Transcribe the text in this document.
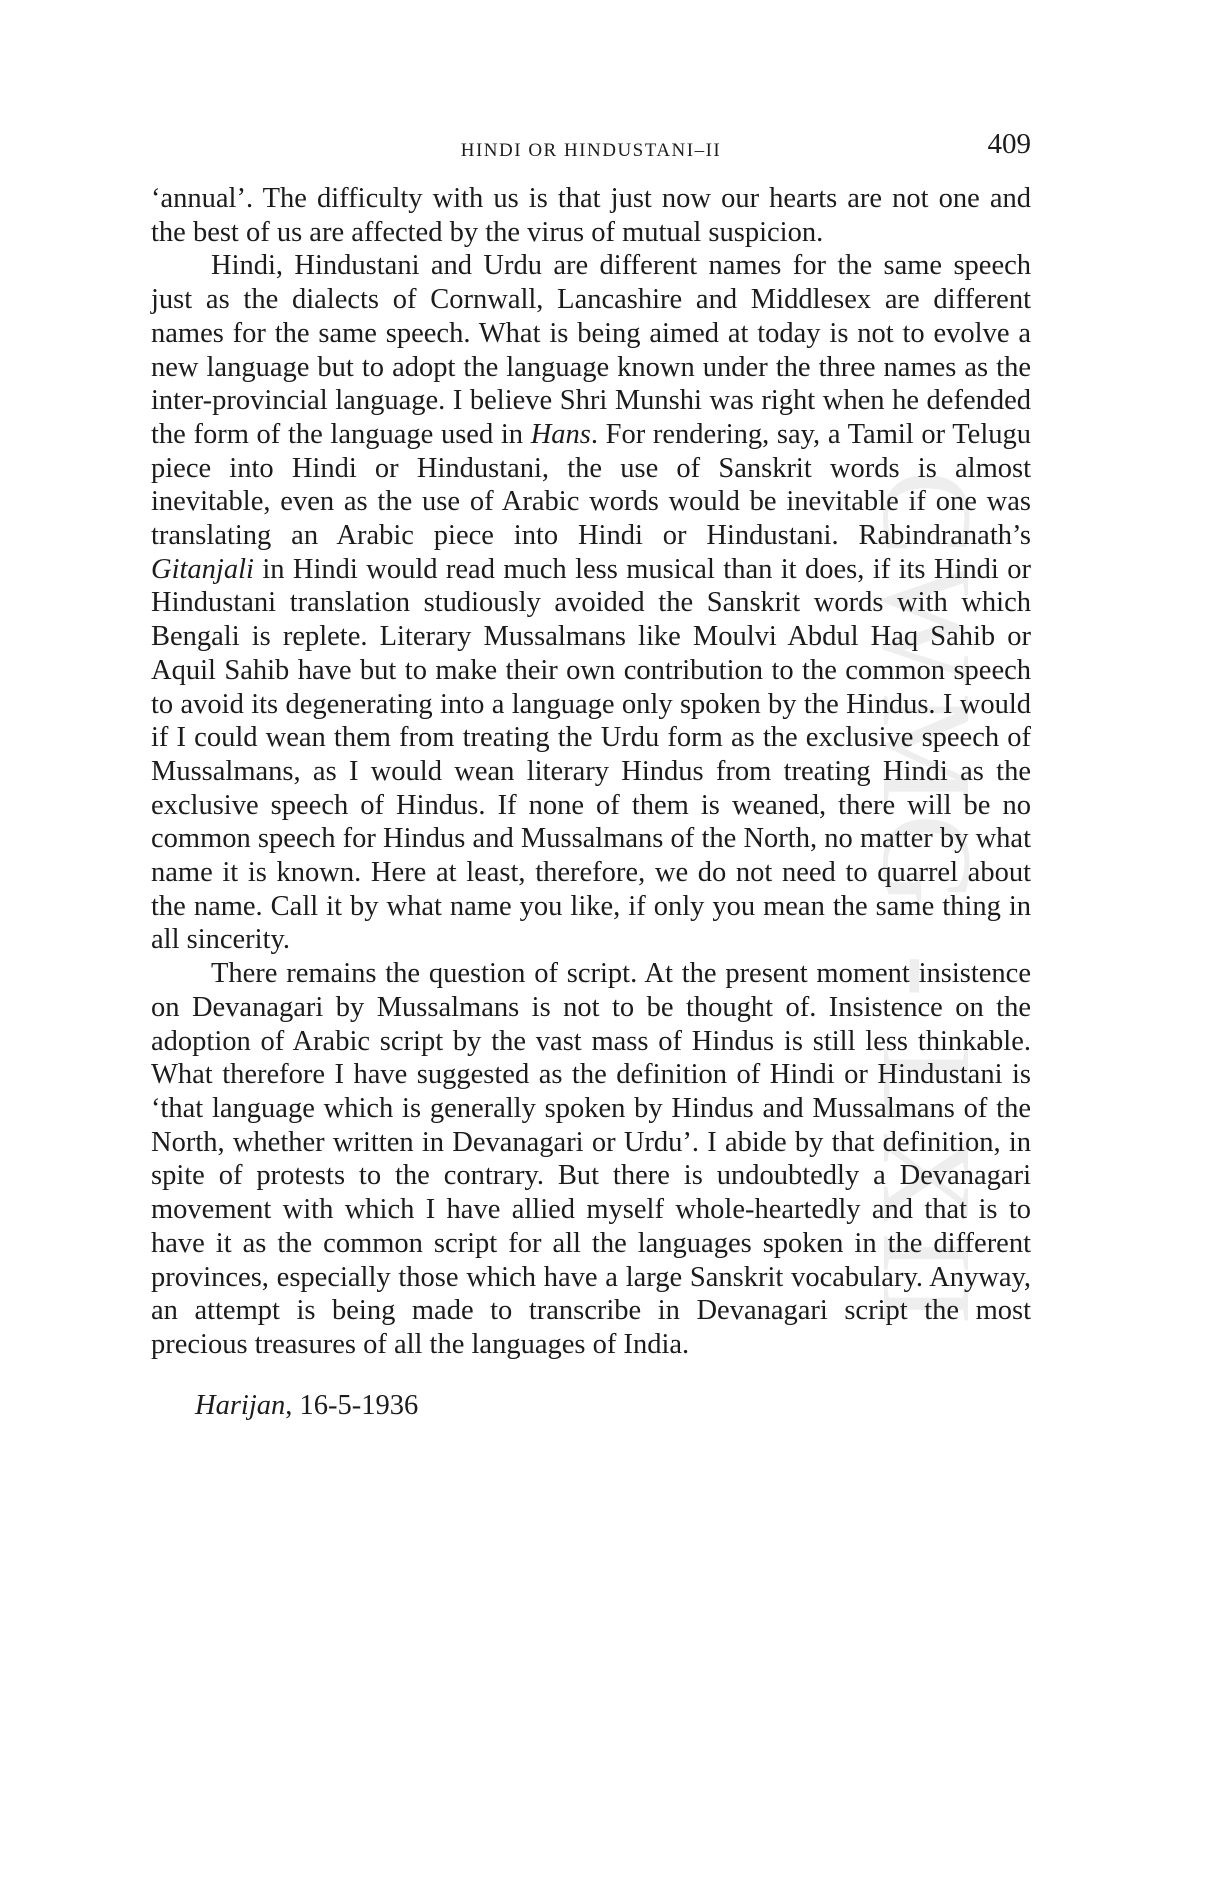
CWMG - LXII
HINDI OR HINDUSTANI–II	409

‘annual’. The difficulty with us is that just now our hearts are not one and the best of us are affected by the virus of mutual suspicion.

Hindi, Hindustani and Urdu are different names for the same speech just as the dialects of Cornwall, Lancashire and Middlesex are different names for the same speech. What is being aimed at today is not to evolve a new language but to adopt the language known under the three names as the inter-provincial language. I believe Shri Munshi was right when he defended the form of the language used in Hans. For rendering, say, a Tamil or Telugu piece into Hindi or Hindustani, the use of Sanskrit words is almost inevitable, even as the use of Arabic words would be inevitable if one was translating an Arabic piece into Hindi or Hindustani. Rabindranath’s Gitanjali in Hindi would read much less musical than it does, if its Hindi or Hindustani translation studiously avoided the Sanskrit words with which Bengali is replete. Literary Mussalmans like Moulvi Abdul Haq Sahib or Aquil Sahib have but to make their own contribution to the common speech to avoid its degenerating into a language only spoken by the Hindus. I would if I could wean them from treating the Urdu form as the exclusive speech of Mussalmans, as I would wean literary Hindus from treating Hindi as the exclusive speech of Hindus. If none of them is weaned, there will be no common speech for Hindus and Mussalmans of the North, no matter by what name it is known. Here at least, therefore, we do not need to quarrel about the name. Call it by what name you like, if only you mean the same thing in all sincerity.

There remains the question of script. At the present moment insistence on Devanagari by Mussalmans is not to be thought of. Insistence on the adoption of Arabic script by the vast mass of Hindus is still less thinkable. What therefore I have suggested as the definition of Hindi or Hindustani is ‘that language which is generally spoken by Hindus and Mussalmans of the North, whether written in Devanagari or Urdu’. I abide by that definition, in spite of protests to the contrary. But there is undoubtedly a Devanagari movement with which I have allied myself whole-heartedly and that is to have it as the common script for all the languages spoken in the different provinces, especially those which have a large Sanskrit vocabulary. Anyway, an attempt is being made to transcribe in Devanagari script the most precious treasures of all the languages of India.

Harijan, 16-5-1936
